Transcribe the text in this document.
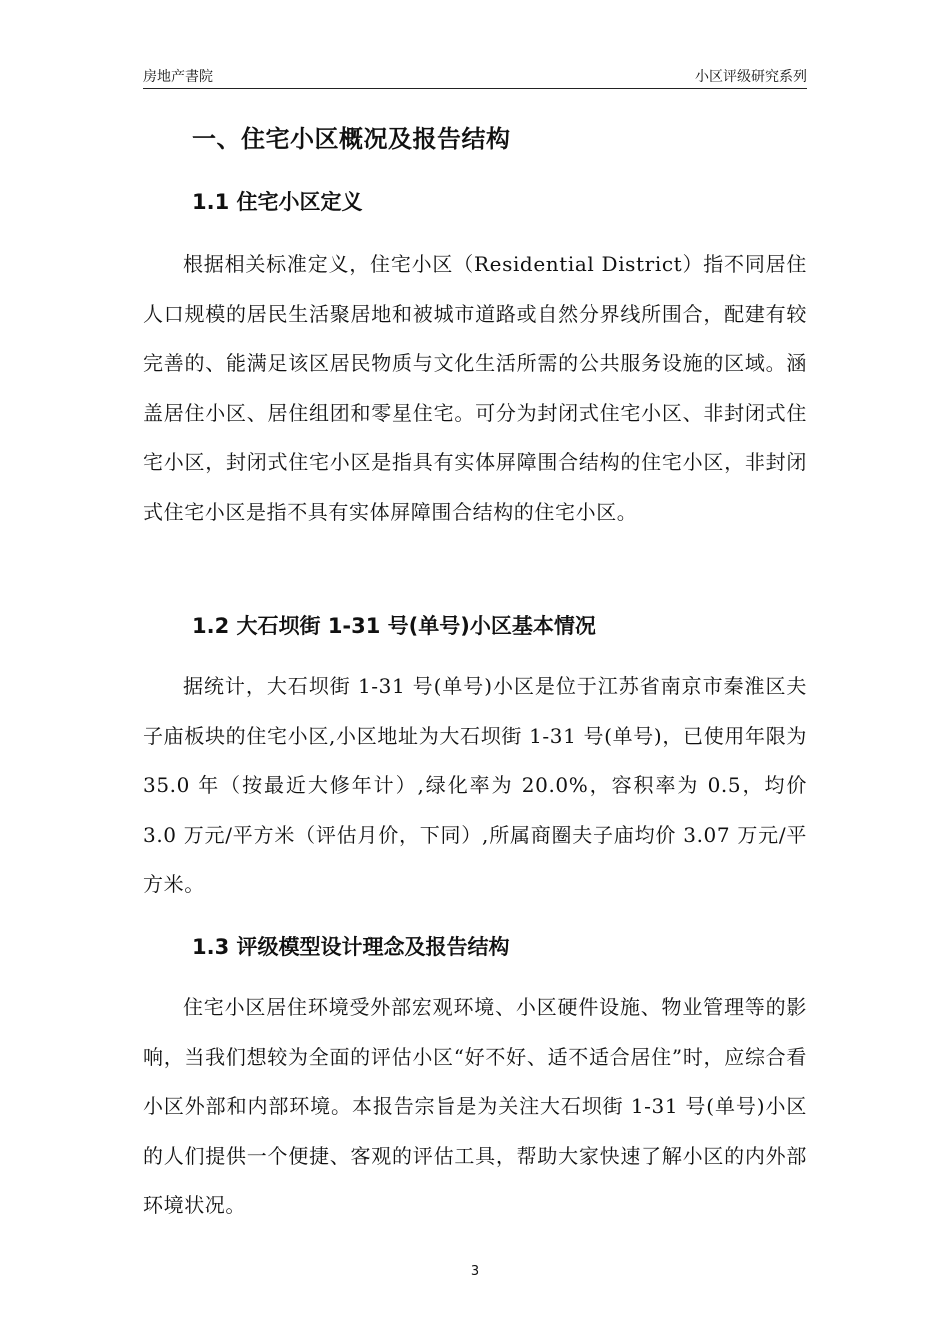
房地产書院	小区评级研究系列
一、住宅小区概况及报告结构
1.1 住宅小区定义

根据相关标准定义，住宅小区（Residential District）指不同居住人口规模的居民生活聚居地和被城市道路或自然分界线所围合，配建有较完善的、能满足该区居民物质与文化生活所需的公共服务设施的区域。涵盖居住小区、居住组团和零星住宅。可分为封闭式住宅小区、非封闭式住宅小区，封闭式住宅小区是指具有实体屏障围合结构的住宅小区，非封闭式住宅小区是指不具有实体屏障围合结构的住宅小区。

1.2 大石坝街 1-31 号(单号)小区基本情况

据统计，大石坝街 1-31 号(单号)小区是位于江苏省南京市秦淮区夫子庙板块的住宅小区,小区地址为大石坝街 1-31 号(单号)，已使用年限为 35.0 年（按最近大修年计）,绿化率为 20.0%，容积率为 0.5，均价 3.0 万元/平方米（评估月价，下同）,所属商圈夫子庙均价 3.07 万元/平方米。

1.3 评级模型设计理念及报告结构

住宅小区居住环境受外部宏观环境、小区硬件设施、物业管理等的影响，当我们想较为全面的评估小区“好不好、适不适合居住”时，应综合看小区外部和内部环境。本报告宗旨是为关注大石坝街 1-31 号(单号)小区的人们提供一个便捷、客观的评估工具，帮助大家快速了解小区的内外部环境状况。

3
